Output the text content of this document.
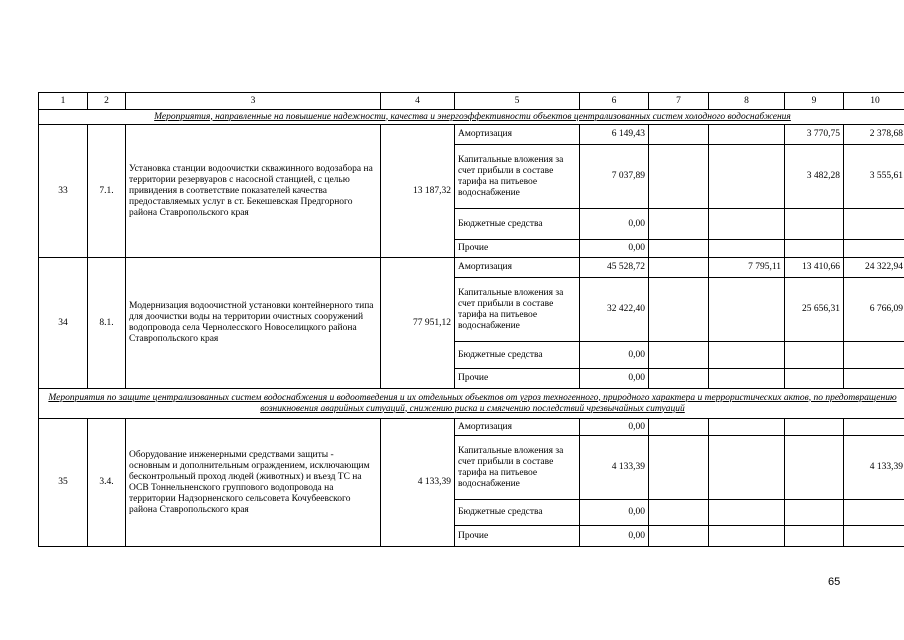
1	2	3	4	5	6	7	8	9	10
Мероприятия, направленные на повышение надежности, качества и энергоэффективности объектов централизованных систем холодного водоснабжения									
33	7.1.	Установка станции водоочистки скважинного водозабора на территории резервуаров с насосной станцией, с целью привидения в соответствие показателей качества предоставляемых услуг в ст. Бекешевская Предгорного района Ставропольского края	13 187,32	Амортизация	6 149,43			3 770,75	2 378,68
				Капитальные вложения за счет прибыли в составе тарифа на питьевое водоснабжение	7 037,89			3 482,28	3 555,61
				Бюджетные средства	0,00				
				Прочие	0,00				
34	8.1.	Модернизация водоочистной установки контейнерного типа для доочистки воды на территории очистных сооружений водопровода села Чернолесского Новоселицкого района Ставропольского края	77 951,12	Амортизация	45 528,72		7 795,11	13 410,66	24 322,94
				Капитальные вложения за счет прибыли в составе тарифа на питьевое водоснабжение	32 422,40			25 656,31	6 766,09
				Бюджетные средства	0,00				
				Прочие	0,00				
Мероприятия по защите централизованных систем водоснабжения и водоотведения и их отдельных объектов от угроз техногенного, природного характера и террористических актов, по предотвращению возникновения аварийных ситуаций, снижению риска и смягчению последствий чрезвычайных ситуаций									
35	3.4.	Оборудование инженерными средствами защиты - основным и дополнительным ограждением, исключающим бесконтрольный проход людей (животных) и въезд ТС на ОСВ Тоннельненского группового водопровода на территории Надзорненского сельсовета Кочубеевского района Ставропольского края	4 133,39	Амортизация	0,00				
				Капитальные вложения за счет прибыли в составе тарифа на питьевое водоснабжение	4 133,39				4 133,39
				Бюджетные средства	0,00				
				Прочие	0,00				
65
